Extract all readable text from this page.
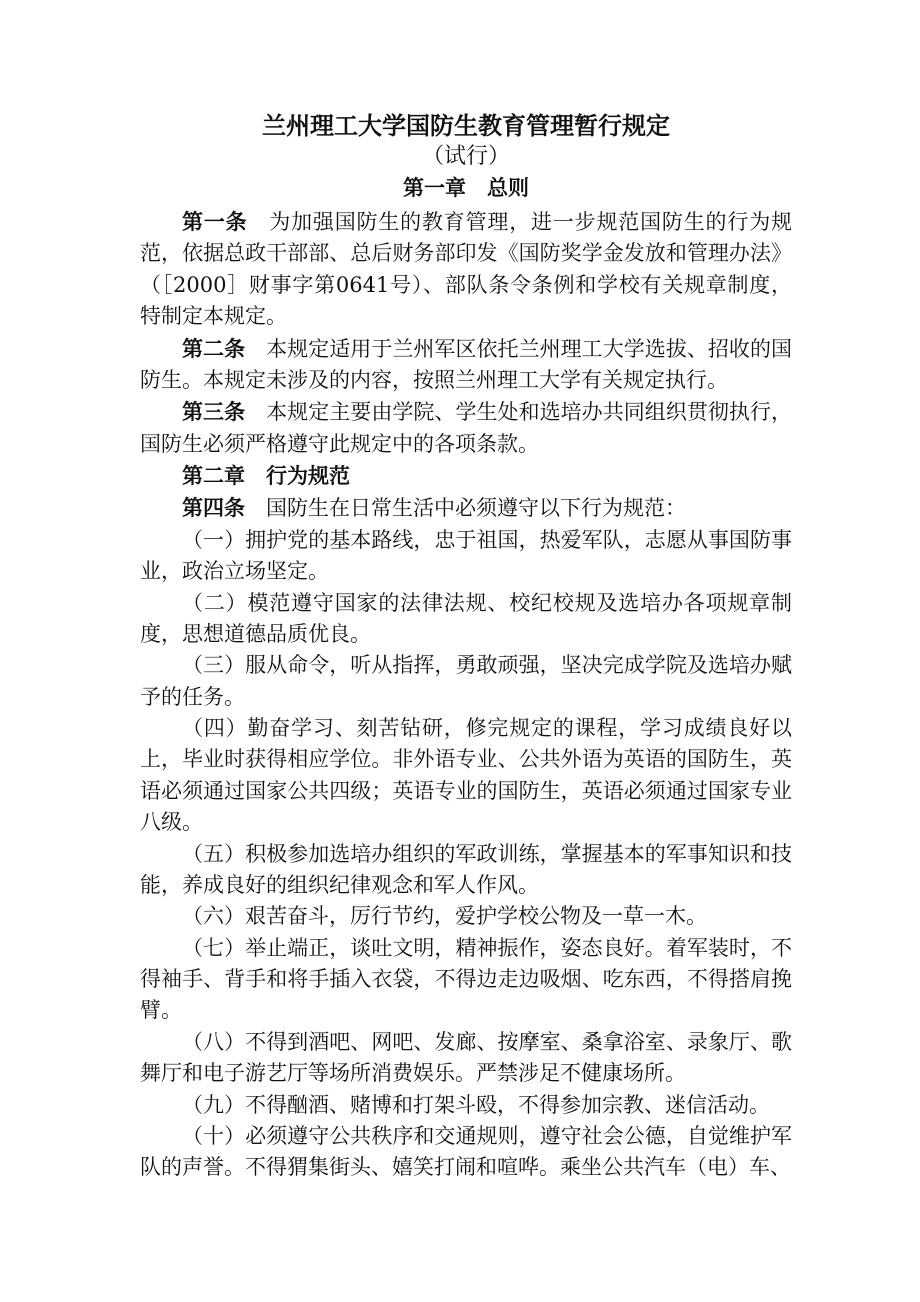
兰州理工大学国防生教育管理暂行规定
（试行）
第一章　总则

第一条 为加强国防生的教育管理，进一步规范国防生的行为规范，依据总政干部部、总后财务部印发《国防奖学金发放和管理办法》（［2000］财事字第0641号）、部队条令条例和学校有关规章制度，特制定本规定。

第二条 本规定适用于兰州军区依托兰州理工大学选拔、招收的国防生。本规定未涉及的内容，按照兰州理工大学有关规定执行。

第三条 本规定主要由学院、学生处和选培办共同组织贯彻执行，国防生必须严格遵守此规定中的各项条款。

第二章 行为规范

第四条 国防生在日常生活中必须遵守以下行为规范：

（一）拥护党的基本路线，忠于祖国，热爱军队，志愿从事国防事业，政治立场坚定。

（二）模范遵守国家的法律法规、校纪校规及选培办各项规章制度，思想道德品质优良。

（三）服从命令，听从指挥，勇敢顽强，坚决完成学院及选培办赋予的任务。

（四）勤奋学习、刻苦钻研，修完规定的课程，学习成绩良好以上，毕业时获得相应学位。非外语专业、公共外语为英语的国防生，英语必须通过国家公共四级；英语专业的国防生，英语必须通过国家专业八级。

（五）积极参加选培办组织的军政训练，掌握基本的军事知识和技能，养成良好的组织纪律观念和军人作风。

（六）艰苦奋斗，厉行节约，爱护学校公物及一草一木。

（七）举止端正，谈吐文明，精神振作，姿态良好。着军装时，不得袖手、背手和将手插入衣袋，不得边走边吸烟、吃东西，不得搭肩挽臂。

（八）不得到酒吧、网吧、发廊、按摩室、桑拿浴室、录象厅、歌舞厅和电子游艺厅等场所消费娱乐。严禁涉足不健康场所。

（九）不得酗酒、赌博和打架斗殴，不得参加宗教、迷信活动。

（十）必须遵守公共秩序和交通规则，遵守社会公德，自觉维护军队的声誉。不得猬集街头、嬉笑打闹和喧哗。乘坐公共汽车（电）车、
